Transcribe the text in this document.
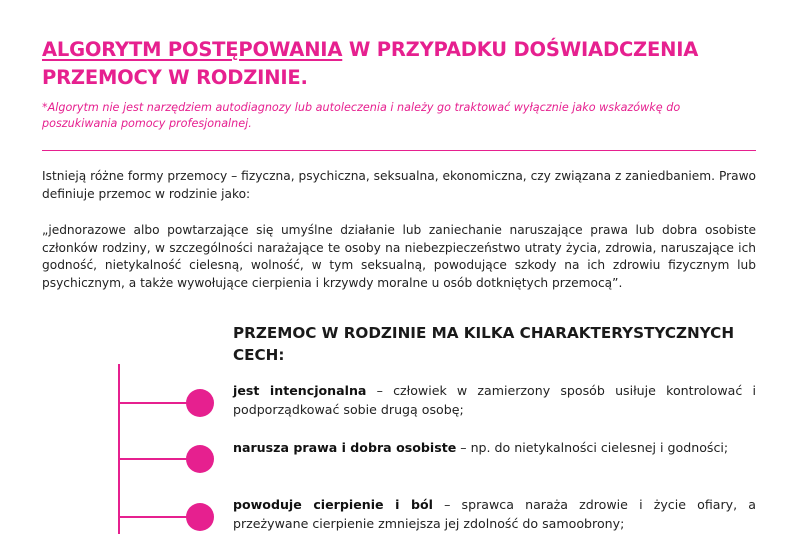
ALGORYTM POSTĘPOWANIA W PRZYPADKU DOŚWIADCZENIA
PRZEMOCY W RODZINIE.

*Algorytm nie jest narzędziem autodiagnozy lub autoleczenia i należy go traktować wyłącznie jako wskazówkę do poszukiwania pomocy profesjonalnej.

Istnieją różne formy przemocy – fizyczna, psychiczna, seksualna, ekonomiczna, czy związana z zaniedbaniem. Prawo definiuje przemoc w rodzinie jako:

„jednorazowe albo powtarzające się umyślne działanie lub zaniechanie naruszające prawa lub dobra osobiste członków rodziny, w szczególności narażające te osoby na niebezpieczeństwo utraty życia, zdrowia, naruszające ich godność, nietykalność cielesną, wolność, w tym seksualną, powodujące szkody na ich zdrowiu fizycznym lub psychicznym, a także wywołujące cierpienia i krzywdy moralne u osób dotkniętych przemocą”.

PRZEMOC W RODZINIE MA KILKA CHARAKTERYSTYCZNYCH CECH:
jest intencjonalna – człowiek w zamierzony sposób usiłuje kontrolować i podporządkować sobie drugą osobę;
narusza prawa i dobra osobiste – np. do nietykalności cielesnej i godności;
powoduje cierpienie i ból – sprawca naraża zdrowie i życie ofiary, a przeżywane cierpienie zmniejsza jej zdolność do samoobrony;
